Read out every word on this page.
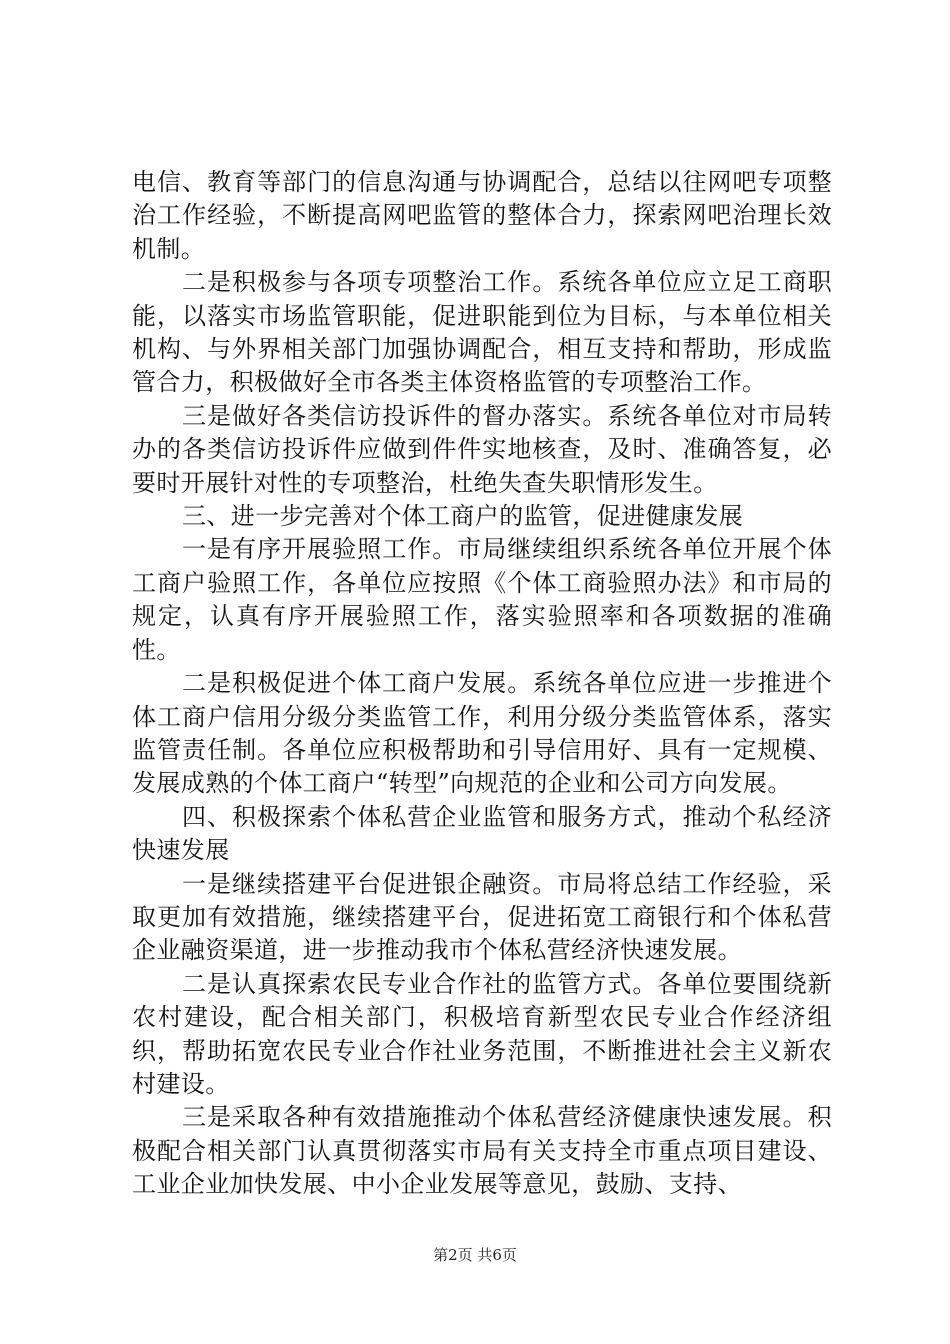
电信、教育等部门的信息沟通与协调配合，总结以往网吧专项整治工作经验，不断提高网吧监管的整体合力，探索网吧治理长效机制。

二是积极参与各项专项整治工作。系统各单位应立足工商职能，以落实市场监管职能，促进职能到位为目标，与本单位相关机构、与外界相关部门加强协调配合，相互支持和帮助，形成监管合力，积极做好全市各类主体资格监管的专项整治工作。

三是做好各类信访投诉件的督办落实。系统各单位对市局转办的各类信访投诉件应做到件件实地核查，及时、准确答复，必要时开展针对性的专项整治，杜绝失查失职情形发生。

三、进一步完善对个体工商户的监管，促进健康发展

一是有序开展验照工作。市局继续组织系统各单位开展个体工商户验照工作，各单位应按照《个体工商验照办法》和市局的规定，认真有序开展验照工作，落实验照率和各项数据的准确性。

二是积极促进个体工商户发展。系统各单位应进一步推进个体工商户信用分级分类监管工作，利用分级分类监管体系，落实监管责任制。各单位应积极帮助和引导信用好、具有一定规模、发展成熟的个体工商户“转型”向规范的企业和公司方向发展。

四、积极探索个体私营企业监管和服务方式，推动个私经济快速发展

一是继续搭建平台促进银企融资。市局将总结工作经验，采取更加有效措施，继续搭建平台，促进拓宽工商银行和个体私营企业融资渠道，进一步推动我市个体私营经济快速发展。

二是认真探索农民专业合作社的监管方式。各单位要围绕新农村建设，配合相关部门，积极培育新型农民专业合作经济组织，帮助拓宽农民专业合作社业务范围，不断推进社会主义新农村建设。

三是采取各种有效措施推动个体私营经济健康快速发展。积极配合相关部门认真贯彻落实市局有关支持全市重点项目建设、工业企业加快发展、中小企业发展等意见，鼓励、支持、

第2页 共6页
